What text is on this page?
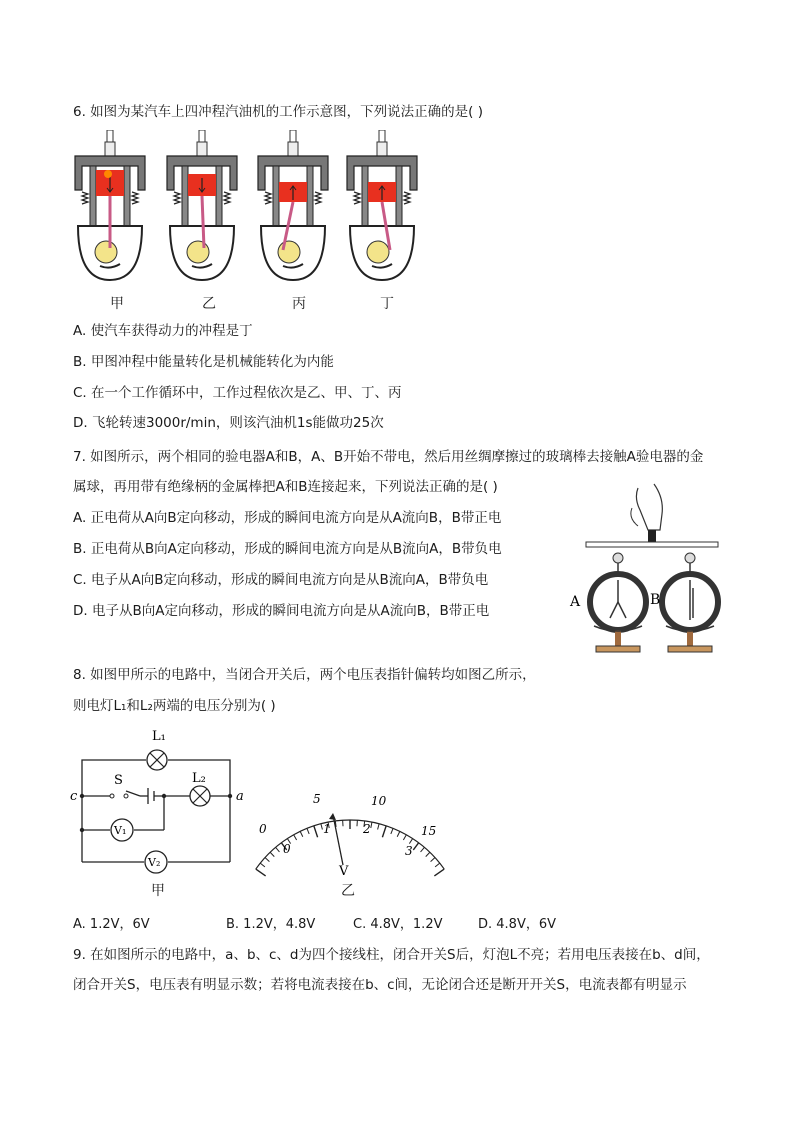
6. 如图为某汽车上四冲程汽油机的工作示意图，下列说法正确的是( )
甲	乙	丙	丁
A. 使汽车获得动力的冲程是丁
B. 甲图冲程中能量转化是机械能转化为内能
C. 在一个工作循环中，工作过程依次是乙、甲、丁、丙
D. 飞轮转速3000r/min，则该汽油机1s能做功25次
7. 如图所示，两个相同的验电器A和B，A、B开始不带电，然后用丝绸摩擦过的玻璃棒去接触A验电器的金
属球，再用带有绝缘柄的金属棒把A和B连接起来，下列说法正确的是( )
A. 正电荷从A向B定向移动，形成的瞬间电流方向是从A流向B，B带正电
B. 正电荷从B向A定向移动，形成的瞬间电流方向是从B流向A，B带负电
C. 电子从A向B定向移动，形成的瞬间电流方向是从B流向A，B带负电
D. 电子从B向A定向移动，形成的瞬间电流方向是从A流向B，B带正电
A	B
8. 如图甲所示的电路中，当闭合开关后，两个电压表指针偏转均如图乙所示，
则电灯L₁和L₂两端的电压分别为( )
L₁
L₂
S
V₁
V₂
c	a
甲
0
5	10
15
0
1	2
3
V
乙
A. 1.2V，6V	B. 1.2V，4.8V	C. 4.8V，1.2V	D. 4.8V，6V
9. 在如图所示的电路中，a、b、c、d为四个接线柱，闭合开关S后，灯泡L不亮；若用电压表接在b、d间，
闭合开关S，电压表有明显示数；若将电流表接在b、c间，无论闭合还是断开开关S，电流表都有明显示
